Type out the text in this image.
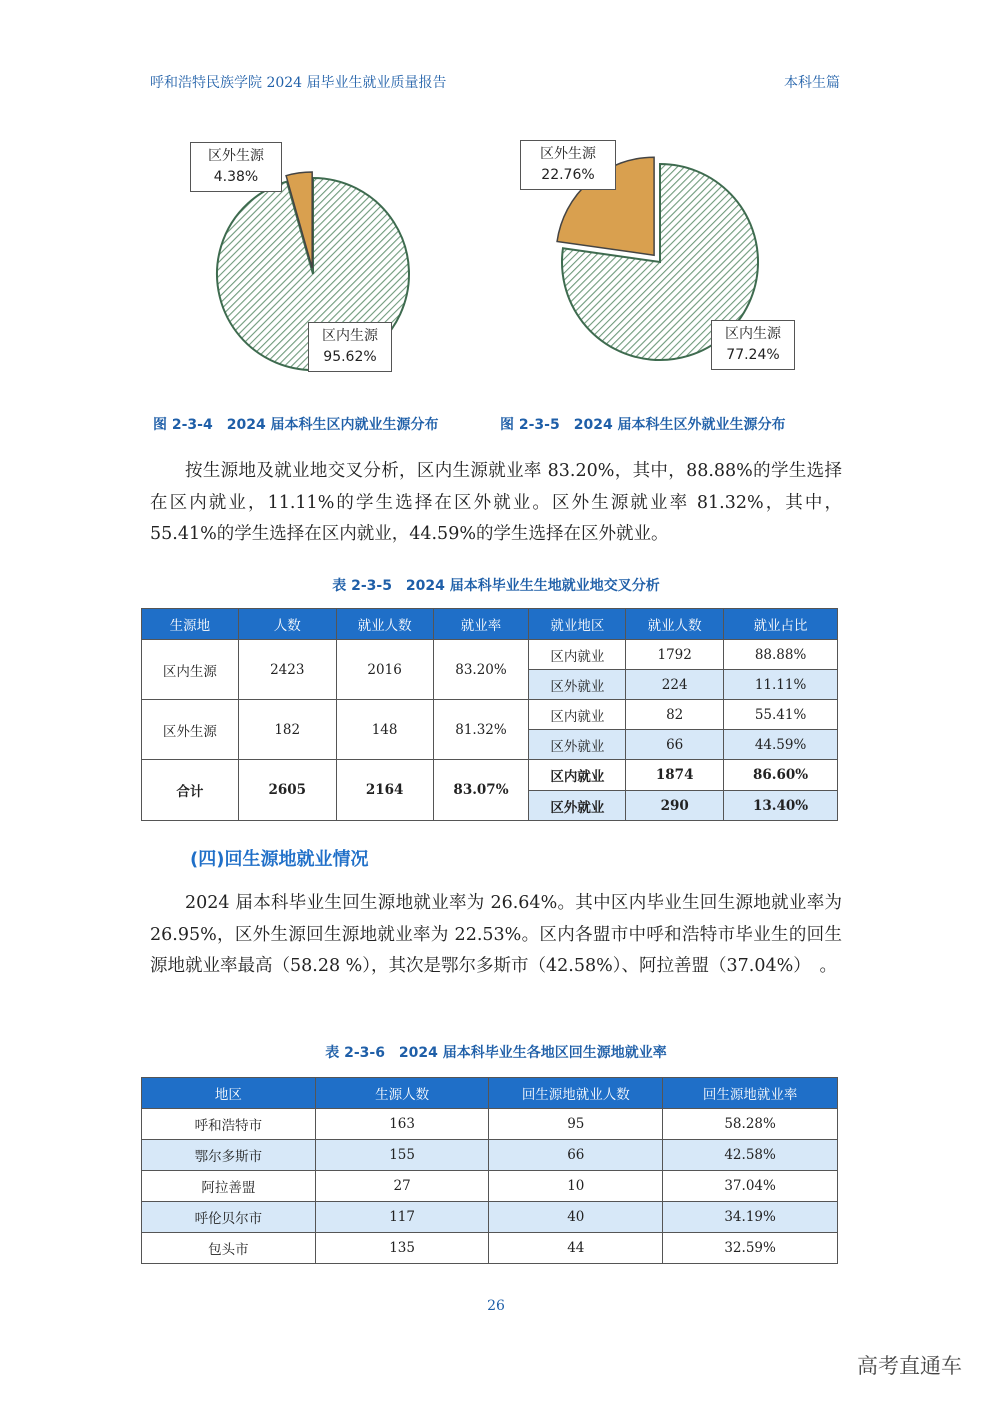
呼和浩特民族学院 2024 届毕业生就业质量报告	本科生篇
区外生源
4.38%
区内生源
95.62%
区外生源
22.76%
区内生源
77.24%
图 2-3-4　2024 届本科生区内就业生源分布	图 2-3-5　2024 届本科生区外就业生源分布

按生源地及就业地交叉分析，区内生源就业率 83.20%，其中，88.88%的学生选择在区内就业，11.11%的学生选择在区外就业。区外生源就业率 81.32%，其中，55.41%的学生选择在区内就业，44.59%的学生选择在区外就业。

表 2-3-5　2024 届本科毕业生生地就业地交叉分析
生源地	人数	就业人数	就业率	就业地区	就业人数	就业占比
区内生源	2423	2016	83.20%	区内就业	1792	88.88%
				区外就业	224	11.11%
区外生源	182	148	81.32%	区内就业	82	55.41%
				区外就业	66	44.59%
合计	2605	2164	83.07%	区内就业	1874	86.60%
				区外就业	290	13.40%
(四)回生源地就业情况

2024 届本科毕业生回生源地就业率为 26.64%。其中区内毕业生回生源地就业率为 26.95%，区外生源回生源地就业率为 22.53%。区内各盟市中呼和浩特市毕业生的回生源地就业率最高（58.28 %），其次是鄂尔多斯市（42.58%）、阿拉善盟（37.04%）　。

表 2-3-6　2024 届本科毕业生各地区回生源地就业率
地区	生源人数	回生源地就业人数	回生源地就业率
呼和浩特市	163	95	58.28%
鄂尔多斯市	155	66	42.58%
阿拉善盟	27	10	37.04%
呼伦贝尔市	117	40	34.19%
包头市	135	44	32.59%
26
高考直通车
